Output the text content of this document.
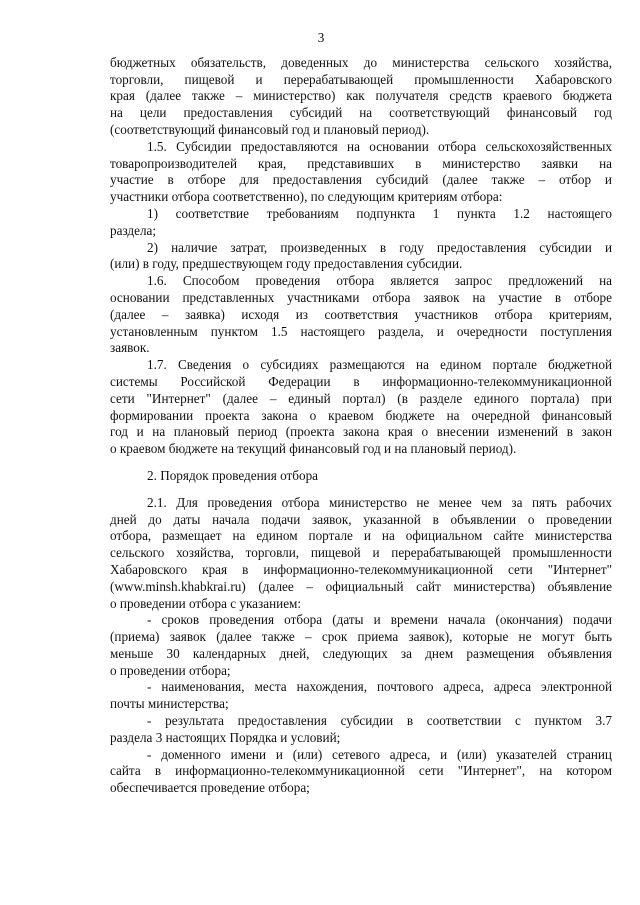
3
бюджетных обязательств, доведенных до министерства сельского хозяйства,
торговли, пищевой и перерабатывающей промышленности Хабаровского
края (далее также – министерство) как получателя средств краевого бюджета
на цели предоставления субсидий на соответствующий финансовый год
(соответствующий финансовый год и плановый период).
1.5. Субсидии предоставляются на основании отбора сельскохозяйственных
товаропроизводителей края, представивших в министерство заявки на
участие в отборе для предоставления субсидий (далее также – отбор и
участники отбора соответственно), по следующим критериям отбора:
1) соответствие требованиям подпункта 1 пункта 1.2 настоящего
раздела;
2) наличие затрат, произведенных в году предоставления субсидии и
(или) в году, предшествующем году предоставления субсидии.
1.6. Способом проведения отбора является запрос предложений на
основании представленных участниками отбора заявок на участие в отборе
(далее – заявка) исходя из соответствия участников отбора критериям,
установленным пунктом 1.5 настоящего раздела, и очередности поступления
заявок.
1.7. Сведения о субсидиях размещаются на едином портале бюджетной
системы Российской Федерации в информационно-телекоммуникационной
сети "Интернет" (далее – единый портал) (в разделе единого портала) при
формировании проекта закона о краевом бюджете на очередной финансовый
год и на плановый период (проекта закона края о внесении изменений в закон
о краевом бюджете на текущий финансовый год и на плановый период).
2. Порядок проведения отбора
2.1. Для проведения отбора министерство не менее чем за пять рабочих
дней до даты начала подачи заявок, указанной в объявлении о проведении
отбора, размещает на едином портале и на официальном сайте министерства
сельского хозяйства, торговли, пищевой и перерабатывающей промышленности
Хабаровского края в информационно-телекоммуникационной сети "Интернет"
(www.minsh.khabkrai.ru) (далее – официальный сайт министерства) объявление
о проведении отбора с указанием:
- сроков проведения отбора (даты и времени начала (окончания) подачи
(приема) заявок (далее также – срок приема заявок), которые не могут быть
меньше 30 календарных дней, следующих за днем размещения объявления
о проведении отбора;
- наименования, места нахождения, почтового адреса, адреса электронной
почты министерства;
- результата предоставления субсидии в соответствии с пунктом 3.7
раздела 3 настоящих Порядка и условий;
- доменного имени и (или) сетевого адреса, и (или) указателей страниц
сайта в информационно-телекоммуникационной сети "Интернет", на котором
обеспечивается проведение отбора;
